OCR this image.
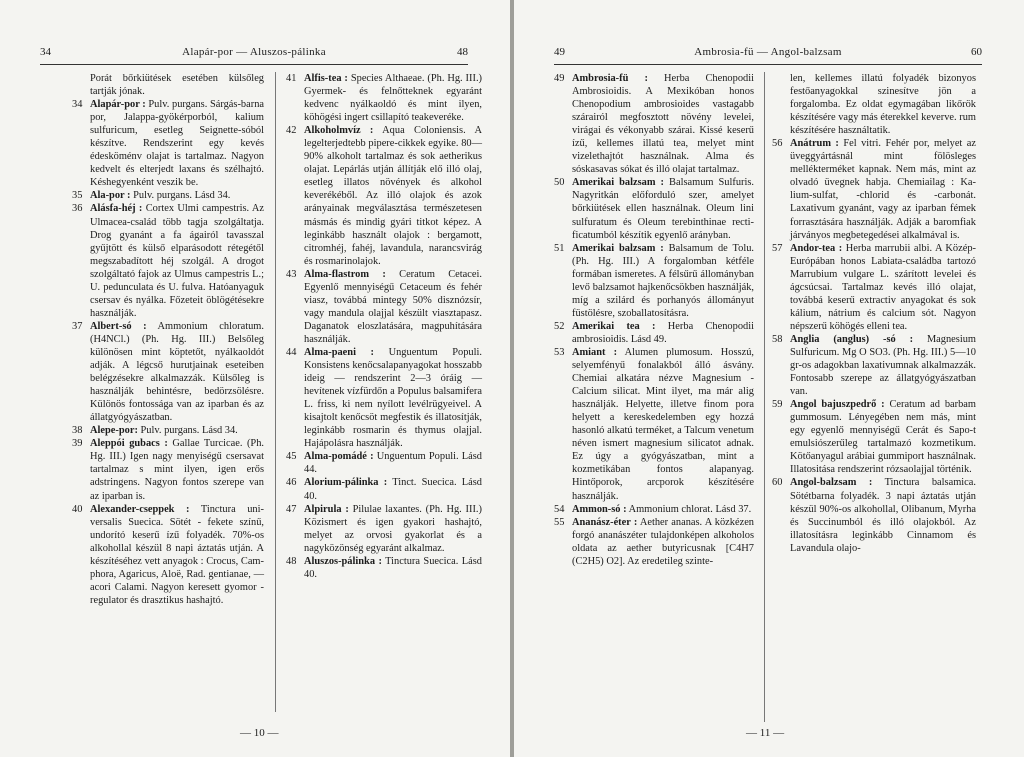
34	Alapár-por — Aluszos-pálinka	48

Porát bőrkiütések esetében külsőleg tartják jónak.

34 Alapár-por : Pulv. purgans. Sárgás-barna por, Jalappa-gyökérporból, kalium sulfuricum, esetleg Seignette-sóból készítve. Rendszerint egy kevés édesköménv olajat is tartalmaz. Nagyon kedvelt és elterjedt laxans és szélhajtó. Késhegyenként veszik be.

35 Ala-por : Pulv. purgans. Lásd 34.

36 Alásfa-héj : Cortex Ulmi campestris. Az Ulmacea-család több tagja szolgáltatja. Drog gyanánt a fa ágairól tavasszal gyűjtött és külső elparásodott rétegétől megszabadított héj szolgál. A drogot szolgáltató fajok az Ulmus campestris L.; U. pedunculata és U. fulva. Hatóanyaguk csersav és nyálka. Főzeteit öblögétésekre használják.

37 Albert-só : Ammonium chloratum. (H4NCl.) (Ph. Hg. III.) Belsőleg különösen mint köptetőt, nyálkaoldót adják. A légcső hurutjainak eseteiben belégzésekre alkalmazzák. Külsőleg is használják behintésre, bedörzsölésre. Különös fontossága van az iparban és az állatgyógyászatban.

38 Alepe-por: Pulv. purgans. Lásd 34.

39 Aleppói gubacs : Gallae Turcicae. (Ph. Hg. III.) Igen nagy menyiségű csersavat tartalmaz s mint ilyen, igen erős adstringens. Nagyon fontos szerepe van az iparban is.

40 Alexander-cseppek : Tinctura universalis Suecica. Sötét - fekete színű, undorító keserű ízű folyadék. 70%-os alkohollal készül 8 napi áztatás utján. A készítéséhez vett anyagok : Crocus, Camphora, Agaricus, Aloë, Rad. gentianae, — acori Calami. Nagyon keresett gyomor - regulator és drasztikus hashajtó.

41 Alfis-tea : Species Althaeae. (Ph. Hg. III.) Gyermek- és felnőtteknek egyaránt kedvenc nyálkaoldó és mint ilyen, köhögési ingert csillapító teakeveréke.

42 Alkoholmvíz : Aqua Coloniensis. A legelterjedtebb pipere-cikkek egyike. 80—90% alkoholt tartalmaz és sok aetherikus olajat. Lepárlás utján állítják elő illó olaj, esetleg illatos növények és alkohol keverékéből. Az illó olajok és azok arányainak megválasztása természetesen másmás és mindig gyári titkot képez. A leginkább használt olajok : bergamott, citromhéj, fahéj, lavandula, narancsvirág és rosmarinolajok.

43 Alma-flastrom : Ceratum Cetacei. Egyenlő mennyiségű Cetaceum és fehér viasz, továbbá mintegy 50% disznózsír, vagy mandula olajjal készült viasztapasz. Daganatok eloszlatására, magpuhítására használják.

44 Alma-paeni : Unguentum Populi. Konsistens kenőcsalapanyagokat hosszabb ideig — rendszerint 2—3 óráig — hevítenek vízfürdőn a Populus balsamifera L. friss, ki nem nyílott levélrügyeivel. A kisajtolt kenőcsöt megfestik és illatosítják, leginkább rosmarin és thymus olajjal. Hajápolásra használják.

45 Alma-pomádé : Unguentum Populi. Lásd 44.

46 Alorium-pálinka : Tinct. Suecica. Lásd 40.

47 Alpirula : Pilulae laxantes. (Ph. Hg. III.) Közismert és igen gyakori hashajtó, melyet az orvosi gyakorlat és a nagyközönség egyaránt alkalmaz.

48 Aluszos-pálinka : Tinctura Suecica. Lásd 40.

— 10 —
49	Ambrosia-fü — Angol-balzsam	60

49 Ambrosia-fü : Herba Chenopodii Ambrosioidis. A Mexikóban honos Chenopodium ambrosioides vastagabb szárairól megfosztott növény levelei, virágai és vékonyabb szárai. Kissé keserű ízű, kellemes illatú tea, melyet mint vizelethajtót használnak. Alma és sóskasavas sókat és illó olajat tartalmaz.

50 Amerikai balzsam : Balsamum Sulfuris. Nagyritkán előforduló szer, amelyet bőrkiütések ellen használnak. Oleum lini sulfuratum és Oleum terebinthinae rectificatumból készítik egyenlő arányban.

51 Amerikai balzsam : Balsamum de Tolu. (Ph. Hg. III.) A forgalomban kétféle formában ismeretes. A félsűrű állományban levő balzsamot hajkenőcsökben használják, míg a szilárd és porhanyós állományut füstölésre, szoballatosításra.

52 Amerikai tea : Herba Chenopodii ambrosioidis. Lásd 49.

53 Amiant : Alumen plumosum. Hosszú, selyemfényű fonalakból álló ásvány. Chemiai alkatára nézve Magnesium - Calcium silicat. Mint ilyet, ma már alig használják. Helyette, illetve finom pora helyett a kereskedelemben egy hozzá hasonló alkatú terméket, a Talcum venetum néven ismert magnesium silicatot adnak. Ez úgy a gyógyászatban, mint a kozmetikában fontos alapanyag. Hintőporok, arcporok készítésére használják.

54 Ammon-só : Ammonium chlorat. Lásd 37.

55 Ananász-éter : Aether ananas. A közkézen forgó ananászéter tulajdonképen alkoholos oldata az aether butyricusnak [C4H7 (C2H5) O2]. Az eredetileg szinte-

len, kellemes illatú folyadék bizonyos festőanyagokkal szinesítve jön a forgalomba. Ez oldat egymagában likőrök készítésére vagy más éterekkel keverve. rum készítésére használtatik.

56 Anátrum : Fel vitri. Fehér por, melyet az üveggyártásnál mint fölösleges mellékterméket kapnak. Nem más, mint az olvadó üvegnek habja. Chemiailag : Kalium-sulfat, -chlorid és -carbonát. Laxativum gyanánt, vagy az iparban fémek forrasztására használják. Adják a baromfiak járványos megbetegedései alkalmával is.

57 Andor-tea : Herba marrubii albi. A Közép-Európában honos Labiata-családba tartozó Marrubium vulgare L. szárított levelei és ágcsúcsai. Tartalmaz kevés illó olajat, továbbá keserű extractiv anyagokat és sok kálium, nátrium és calcium sót. Nagyon népszerű köhögés elleni tea.

58 Anglia (anglus) -só : Magnesium Sulfuricum. Mg O SO3. (Ph. Hg. III.) 5—10 gr-os adagokban laxativumnak alkalmazzák. Fontosabb szerepe az állatgyógyászatban van.

59 Angol bajuszpedrő : Ceratum ad barbam gummosum. Lényegében nem más, mint egy egyenlő mennyiségű Cerát és Sapo-t emulsiószerűleg tartalmazó kozmetikum. Kötőanyagul arábiai gummiport használnak. Illatositása rendszerint rózsaolajjal történik.

60 Angol-balzsam : Tinctura balsamica. Sötétbarna folyadék. 3 napi áztatás utján készül 90%-os alkohollal, Olibanum, Myrha és Succinumból és illó olajokból. Az illatosításra leginkább Cinnamom és Lavandula olajo-

— 11 —
